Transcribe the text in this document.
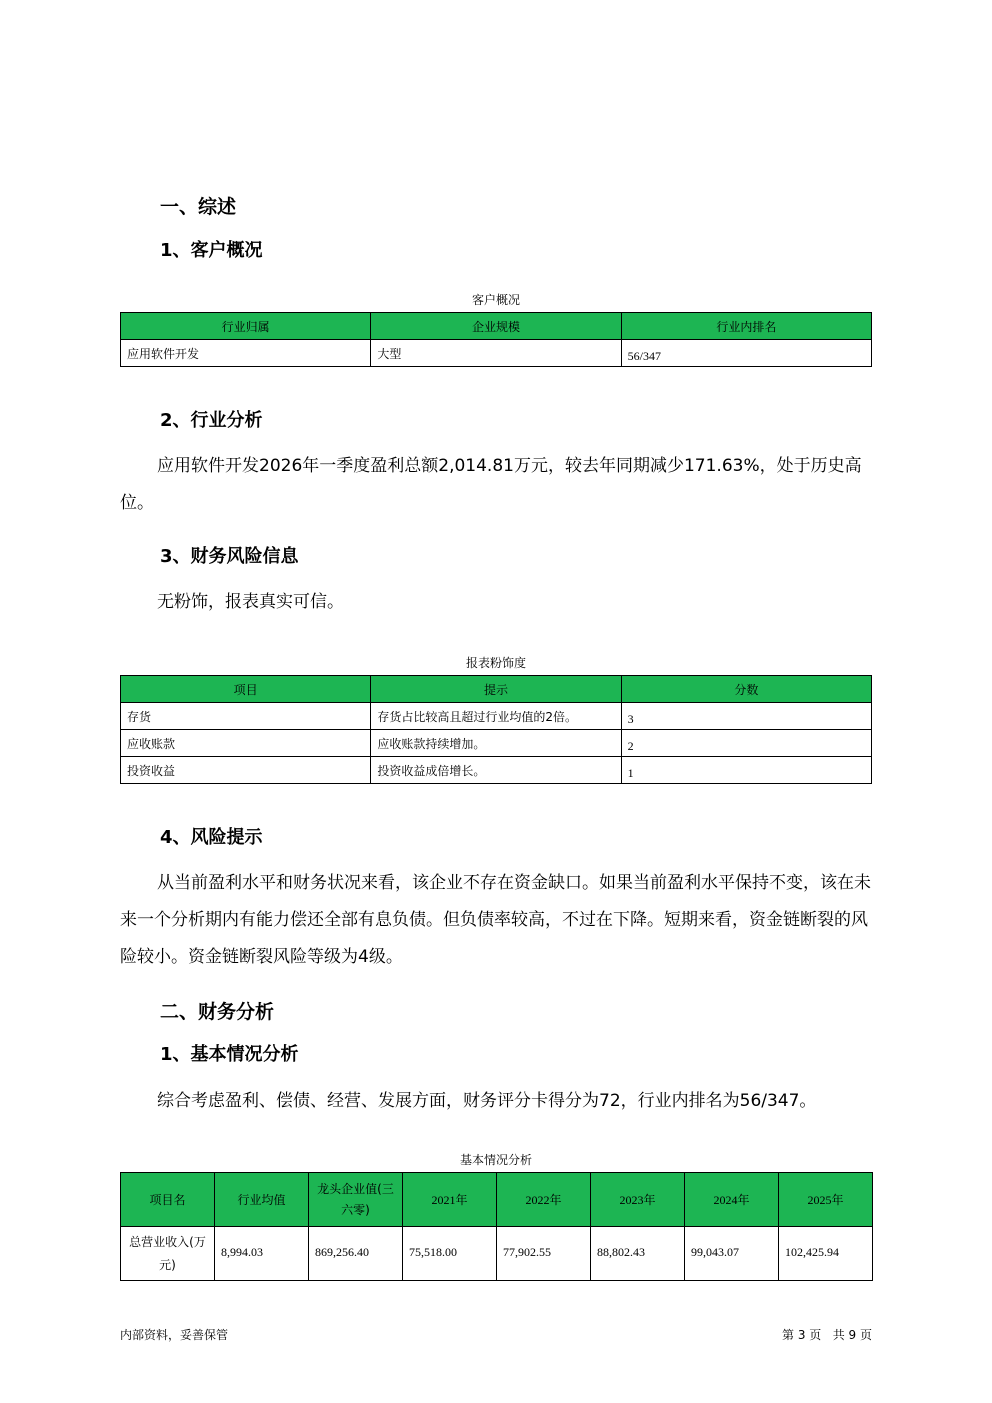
一、综述
1、客户概况
客户概况
行业归属	企业规模	行业内排名
应用软件开发	大型	56/347
2、行业分析

应用软件开发2026年一季度盈利总额2,014.81万元，较去年同期减少171.63%，处于历史高位。

3、财务风险信息

无粉饰，报表真实可信。

报表粉饰度
项目	提示	分数
存货	存货占比较高且超过行业均值的2倍。	3
应收账款	应收账款持续增加。	2
投资收益	投资收益成倍增长。	1
4、风险提示

从当前盈利水平和财务状况来看，该企业不存在资金缺口。如果当前盈利水平保持不变，该在未来一个分析期内有能力偿还全部有息负债。但负债率较高，不过在下降。短期来看，资金链断裂的风险较小。资金链断裂风险等级为4级。

二、财务分析
1、基本情况分析

综合考虑盈利、偿债、经营、发展方面，财务评分卡得分为72，行业内排名为56/347。

基本情况分析
项目名	行业均值	龙头企业值(三六零)	2021年	2022年	2023年	2024年	2025年
总营业收入(万元)	8,994.03	869,256.40	75,518.00	77,902.55	88,802.43	99,043.07	102,425.94
内部资料，妥善保管	第 3 页   共 9 页
